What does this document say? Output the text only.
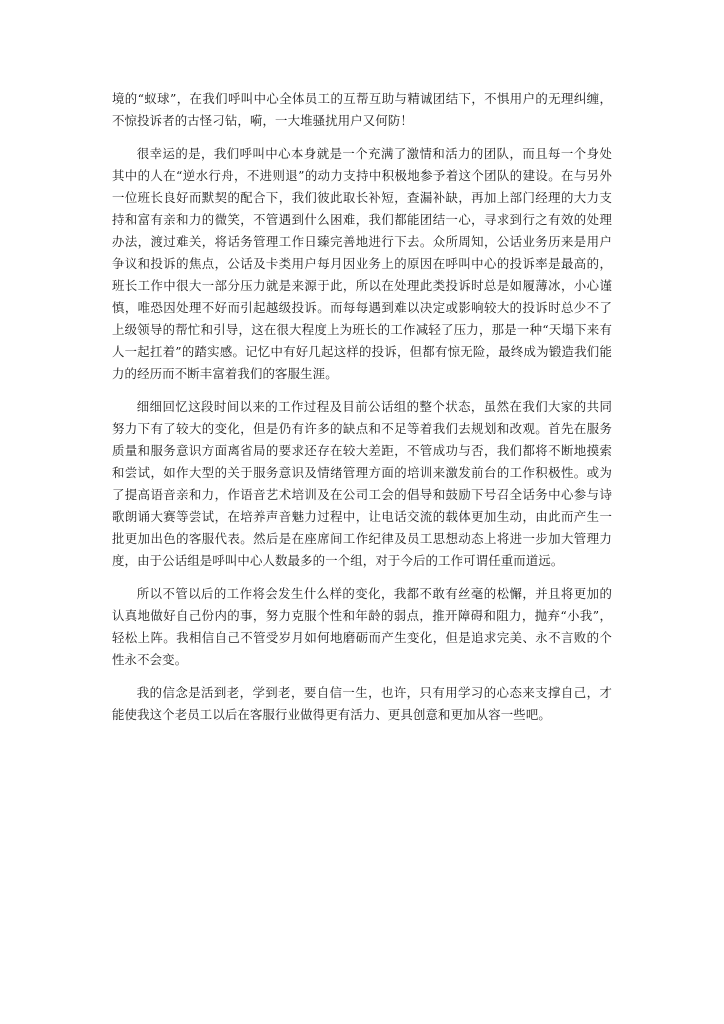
境的“蚁球”，在我们呼叫中心全体员工的互帮互助与精诚团结下，不惧用户的无理纠缠，不惊投诉者的古怪刁钻，嗬，一大堆骚扰用户又何防！

很幸运的是，我们呼叫中心本身就是一个充满了激情和活力的团队，而且每一个身处其中的人在“逆水行舟，不进则退”的动力支持中积极地参予着这个团队的建设。在与另外一位班长良好而默契的配合下，我们彼此取长补短，查漏补缺，再加上部门经理的大力支持和富有亲和力的微笑，不管遇到什么困难，我们都能团结一心，寻求到行之有效的处理办法，渡过难关，将话务管理工作日臻完善地进行下去。众所周知，公话业务历来是用户争议和投诉的焦点，公话及卡类用户每月因业务上的原因在呼叫中心的投诉率是最高的，班长工作中很大一部分压力就是来源于此，所以在处理此类投诉时总是如履薄冰，小心谨慎，唯恐因处理不好而引起越级投诉。而每每遇到难以决定或影响较大的投诉时总少不了上级领导的帮忙和引导，这在很大程度上为班长的工作减轻了压力，那是一种“天塌下来有人一起扛着”的踏实感。记忆中有好几起这样的投诉，但都有惊无险，最终成为锻造我们能力的经历而不断丰富着我们的客服生涯。

细细回忆这段时间以来的工作过程及目前公话组的整个状态，虽然在我们大家的共同努力下有了较大的变化，但是仍有许多的缺点和不足等着我们去规划和改观。首先在服务质量和服务意识方面离省局的要求还存在较大差距，不管成功与否，我们都将不断地摸索和尝试，如作大型的关于服务意识及情绪管理方面的培训来激发前台的工作积极性。或为了提高语音亲和力，作语音艺术培训及在公司工会的倡导和鼓励下号召全话务中心参与诗歌朗诵大赛等尝试，在培养声音魅力过程中，让电话交流的载体更加生动，由此而产生一批更加出色的客服代表。然后是在座席间工作纪律及员工思想动态上将进一步加大管理力度，由于公话组是呼叫中心人数最多的一个组，对于今后的工作可谓任重而道远。

所以不管以后的工作将会发生什么样的变化，我都不敢有丝毫的松懈，并且将更加的认真地做好自己份内的事，努力克服个性和年龄的弱点，推开障碍和阻力，抛弃“小我”，轻松上阵。我相信自己不管受岁月如何地磨砺而产生变化，但是追求完美、永不言败的个性永不会变。

我的信念是活到老，学到老，要自信一生，也许，只有用学习的心态来支撑自己，才能使我这个老员工以后在客服行业做得更有活力、更具创意和更加从容一些吧。
